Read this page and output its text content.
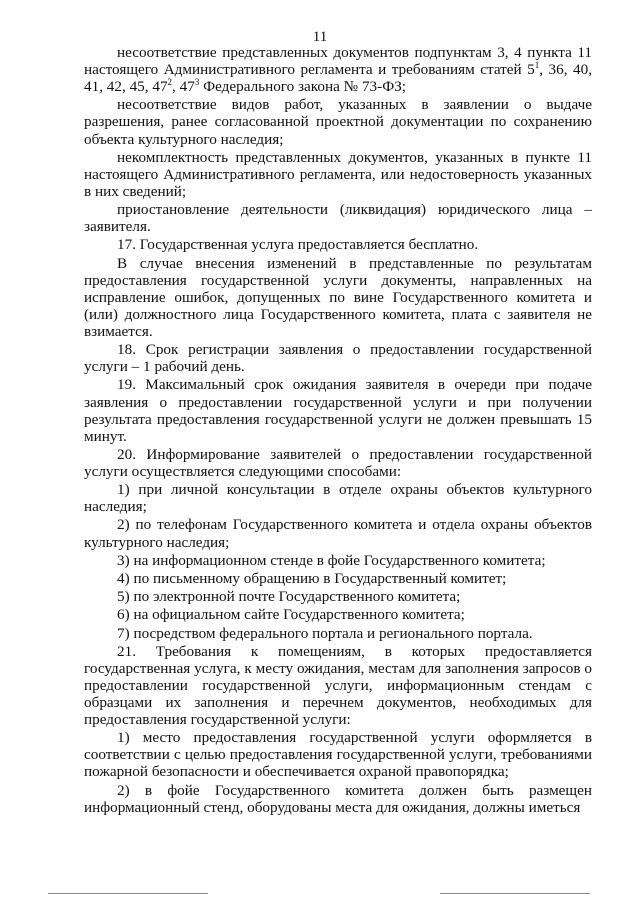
11

несоответствие представленных документов подпунктам 3, 4 пункта 11 настоящего Административного регламента и требованиям статей $5^1$, 36, 40, 41, 42, 45, $47^2$, $47^3$ Федерального закона № 73-ФЗ;

несоответствие видов работ, указанных в заявлении о выдаче разрешения, ранее согласованной проектной документации по сохранению объекта культурного наследия;

некомплектность представленных документов, указанных в пункте 11 настоящего Административного регламента, или недостоверность указанных в них сведений;

приостановление деятельности (ликвидация) юридического лица – заявителя.

17. Государственная услуга предоставляется бесплатно.

В случае внесения изменений в представленные по результатам предоставления государственной услуги документы, направленных на исправление ошибок, допущенных по вине Государственного комитета и (или) должностного лица Государственного комитета, плата с заявителя не взимается.

18. Срок регистрации заявления о предоставлении государственной услуги – 1 рабочий день.

19. Максимальный срок ожидания заявителя в очереди при подаче заявления о предоставлении государственной услуги и при получении результата предоставления государственной услуги не должен превышать 15 минут.

20. Информирование заявителей о предоставлении государственной услуги осуществляется следующими способами:

1) при личной консультации в отделе охраны объектов культурного наследия;

2) по телефонам Государственного комитета и отдела охраны объектов культурного наследия;

3) на информационном стенде в фойе Государственного комитета;

4) по письменному обращению в Государственный комитет;

5) по электронной почте Государственного комитета;

6) на официальном сайте Государственного комитета;

7) посредством федерального портала и регионального портала.

21. Требования к помещениям, в которых предоставляется государственная услуга, к месту ожидания, местам для заполнения запросов о предоставлении государственной услуги, информационным стендам с образцами их заполнения и перечнем документов, необходимых для предоставления государственной услуги:

1) место предоставления государственной услуги оформляется в соответствии с целью предоставления государственной услуги, требованиями пожарной безопасности и обеспечивается охраной правопорядка;

2) в фойе Государственного комитета должен быть размещен информационный стенд, оборудованы места для ожидания, должны иметься
